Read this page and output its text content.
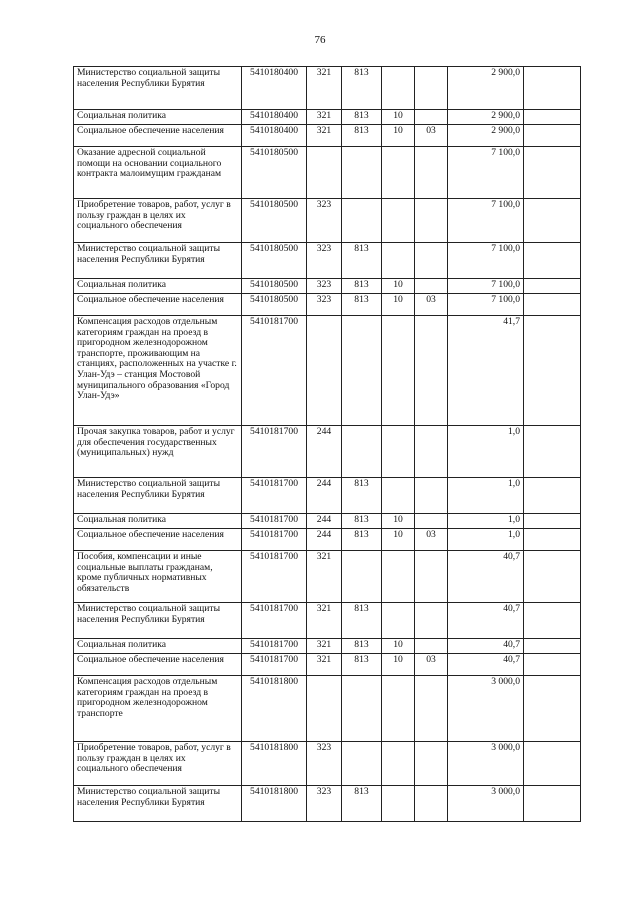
76
Министерство социальной защиты населения Республики Бурятия	5410180400	321	813			2 900,0	
Социальная политика	5410180400	321	813	10		2 900,0	
Социальное обеспечение населения	5410180400	321	813	10	03	2 900,0	
Оказание адресной социальной помощи на основании социального контракта малоимущим гражданам	5410180500					7 100,0	
Приобретение товаров, работ, услуг в пользу граждан в целях их социального обеспечения	5410180500	323				7 100,0	
Министерство социальной защиты населения Республики Бурятия	5410180500	323	813			7 100,0	
Социальная политика	5410180500	323	813	10		7 100,0	
Социальное обеспечение населения	5410180500	323	813	10	03	7 100,0	
Компенсация расходов отдельным категориям граждан на проезд в пригородном железнодорожном транспорте, проживающим на станциях, расположенных на участке г. Улан-Удэ – станция Мостовой муниципального образования «Город Улан-Удэ»	5410181700					41,7	
Прочая закупка товаров, работ и услуг для обеспечения государственных (муниципальных) нужд	5410181700	244				1,0	
Министерство социальной защиты населения Республики Бурятия	5410181700	244	813			1,0	
Социальная политика	5410181700	244	813	10		1,0	
Социальное обеспечение населения	5410181700	244	813	10	03	1,0	
Пособия, компенсации и иные социальные выплаты гражданам, кроме публичных нормативных обязательств	5410181700	321				40,7	
Министерство социальной защиты населения Республики Бурятия	5410181700	321	813			40,7	
Социальная политика	5410181700	321	813	10		40,7	
Социальное обеспечение населения	5410181700	321	813	10	03	40,7	
Компенсация расходов отдельным категориям граждан на проезд в пригородном железнодорожном транспорте	5410181800					3 000,0	
Приобретение товаров, работ, услуг в пользу граждан в целях их социального обеспечения	5410181800	323				3 000,0	
Министерство социальной защиты населения Республики Бурятия	5410181800	323	813			3 000,0	
